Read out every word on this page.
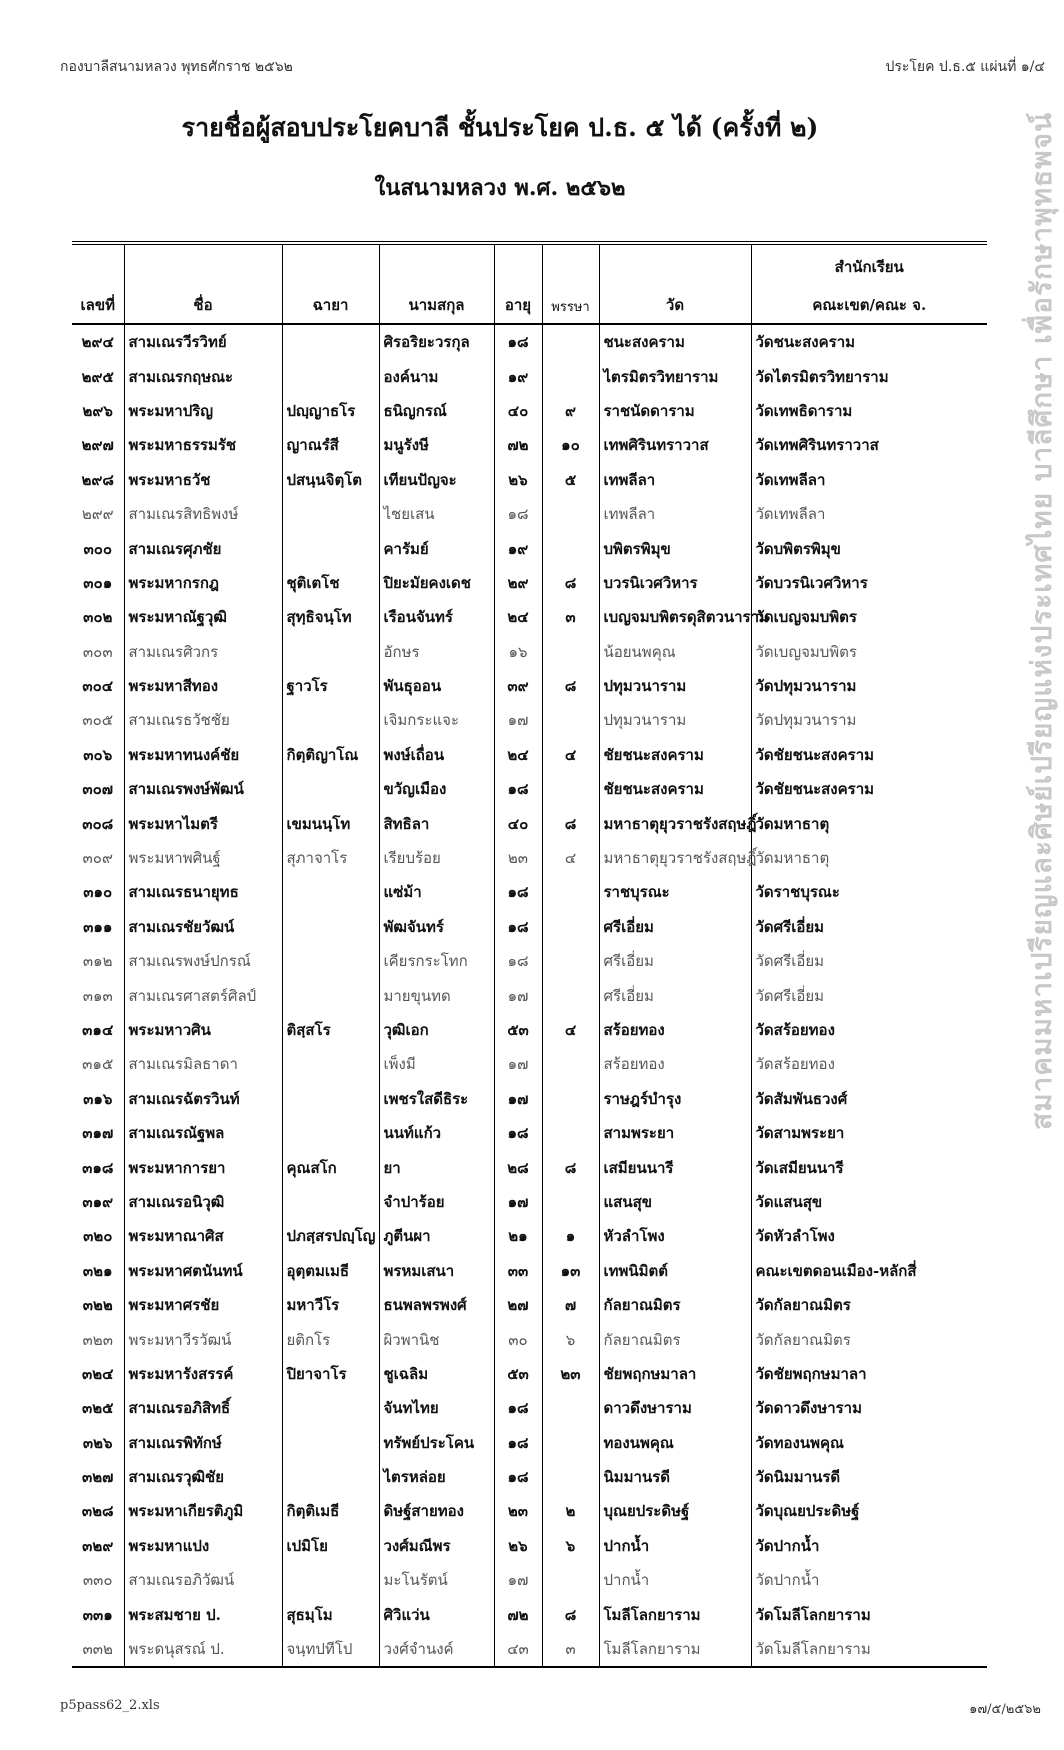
กองบาลีสนามหลวง พุทธศักราช ๒๕๖๒	ประโยค ป.ธ.๕ แผ่นที่ ๑/๔
รายชื่อผู้สอบประโยคบาลี ชั้นประโยค ป.ธ. ๕ ได้ (ครั้งที่ ๒)
ในสนามหลวง พ.ศ. ๒๕๖๒	สมาคมมหาเปรียญและศิษย์เปรียญแห่งประเทศไทย บาลีศึกษา เพื่อรักษาพุทธพจน์
เลขที่	ชื่อ	ฉายา	นามสกุล	อายุ	พรรษา	วัด	สำนักเรียน
คณะเขต/คณะ จ.

๒๙๔	สามเณรวีรวิทย์		ศิรอริยะวรกุล	๑๘		ชนะสงคราม	วัดชนะสงคราม
๒๙๕	สามเณรกฤษณะ		องค์นาม	๑๙		ไตรมิตรวิทยาราม	วัดไตรมิตรวิทยาราม
๒๙๖	พระมหาปริญ	ปญฺญาธโร	ธนิญกรณ์	๔๐	๙	ราชนัดดาราม	วัดเทพธิดาราม
๒๙๗	พระมหาธรรมรัช	ญาณรํสี	มนูรังษี	๗๒	๑๐	เทพศิรินทราวาส	วัดเทพศิรินทราวาส
๒๙๘	พระมหาธวัช	ปสนฺนจิตฺโต	เทียนปัญจะ	๒๖	๕	เทพลีลา	วัดเทพลีลา
๒๙๙	สามเณรสิทธิพงษ์		ไชยเสน	๑๘		เทพลีลา	วัดเทพลีลา
๓๐๐	สามเณรศุภชัย		คารัมย์	๑๙		บพิตรพิมุข	วัดบพิตรพิมุข
๓๐๑	พระมหากรกฎ	ชุติเตโช	ปิยะมัยคงเดช	๒๙	๘	บวรนิเวศวิหาร	วัดบวรนิเวศวิหาร
๓๐๒	พระมหาณัฐวุฒิ	สุทฺธิจนฺโท	เรือนจันทร์	๒๔	๓	เบญจมบพิตรดุสิตวนาราม	วัดเบญจมบพิตร
๓๐๓	สามเณรศิวกร		อักษร	๑๖		น้อยนพคุณ	วัดเบญจมบพิตร
๓๐๔	พระมหาสีทอง	ฐาวโร	พันธุออน	๓๙	๘	ปทุมวนาราม	วัดปทุมวนาราม
๓๐๕	สามเณรธวัชชัย		เจิมกระแจะ	๑๗		ปทุมวนาราม	วัดปทุมวนาราม
๓๐๖	พระมหาทนงค์ชัย	กิตฺติญาโณ	พงษ์เถื่อน	๒๔	๔	ชัยชนะสงคราม	วัดชัยชนะสงคราม
๓๐๗	สามเณรพงษ์พัฒน์		ขวัญเมือง	๑๘		ชัยชนะสงคราม	วัดชัยชนะสงคราม
๓๐๘	พระมหาไมตรี	เขมนนฺโท	สิทธิลา	๔๐	๘	มหาธาตุยุวราชรังสฤษฎิ์	วัดมหาธาตุ
๓๐๙	พระมหาพศินฐ์	สุภาจาโร	เรียบร้อย	๒๓	๔	มหาธาตุยุวราชรังสฤษฎิ์	วัดมหาธาตุ
๓๑๐	สามเณรธนายุทธ		แซ่ม้า	๑๘		ราชบุรณะ	วัดราชบุรณะ
๓๑๑	สามเณรชัยวัฒน์		พัฒจันทร์	๑๘		ศรีเอี่ยม	วัดศรีเอี่ยม
๓๑๒	สามเณรพงษ์ปกรณ์		เคียรกระโทก	๑๘		ศรีเอี่ยม	วัดศรีเอี่ยม
๓๑๓	สามเณรศาสตร์ศิลป์		มายขุนทด	๑๗		ศรีเอี่ยม	วัดศรีเอี่ยม
๓๑๔	พระมหาวศิน	ติสฺสโร	วุฒิเอก	๕๓	๔	สร้อยทอง	วัดสร้อยทอง
๓๑๕	สามเณรมิลธาดา		เพ็งมี	๑๗		สร้อยทอง	วัดสร้อยทอง
๓๑๖	สามเณรฉัตรวินท์		เพชรใสดีธิระ	๑๗		ราษฎร์บำรุง	วัดสัมพันธวงศ์
๓๑๗	สามเณรณัฐพล		นนท์แก้ว	๑๘		สามพระยา	วัดสามพระยา
๓๑๘	พระมหาการยา	คุณสโก	ยา	๒๘	๘	เสมียนนารี	วัดเสมียนนารี
๓๑๙	สามเณรอนิวุฒิ		จำปาร้อย	๑๗		แสนสุข	วัดแสนสุข
๓๒๐	พระมหาณาศิส	ปภสฺสรปญฺโญ	ภูตีนผา	๒๑	๑	หัวลำโพง	วัดหัวลำโพง
๓๒๑	พระมหาศตนันทน์	อุตฺตมเมธี	พรหมเสนา	๓๓	๑๓	เทพนิมิตต์	คณะเขตดอนเมือง-หลักสี่
๓๒๒	พระมหาศรชัย	มหาวีโร	ธนพลพรพงศ์	๒๗	๗	กัลยาณมิตร	วัดกัลยาณมิตร
๓๒๓	พระมหาวีรวัฒน์	ยติกโร	ผิวพานิช	๓๐	๖	กัลยาณมิตร	วัดกัลยาณมิตร
๓๒๔	พระมหารังสรรค์	ปิยาจาโร	ชูเฉลิม	๕๓	๒๓	ชัยพฤกษมาลา	วัดชัยพฤกษมาลา
๓๒๕	สามเณรอภิสิทธิ์		จันทไทย	๑๘		ดาวดึงษาราม	วัดดาวดึงษาราม
๓๒๖	สามเณรพิทักษ์		ทรัพย์ประโคน	๑๘		ทองนพคุณ	วัดทองนพคุณ
๓๒๗	สามเณรวุฒิชัย		ไตรหล่อย	๑๘		นิมมานรดี	วัดนิมมานรดี
๓๒๘	พระมหาเกียรติภูมิ	กิตฺติเมธี	ดิษฐ์สายทอง	๒๓	๒	บุณยประดิษฐ์	วัดบุณยประดิษฐ์
๓๒๙	พระมหาแปง	เปมิโย	วงศ์มณีพร	๒๖	๖	ปากน้ำ	วัดปากน้ำ
๓๓๐	สามเณรอภิวัฒน์		มะโนรัตน์	๑๗		ปากน้ำ	วัดปากน้ำ
๓๓๑	พระสมชาย ป.	สุธมฺโม	ศิวิแว่น	๗๒	๘	โมลีโลกยาราม	วัดโมลีโลกยาราม
๓๓๒	พระดนุสรณ์ ป.	จนฺทปทีโป	วงศ์จำนงค์	๔๓	๓	โมลีโลกยาราม	วัดโมลีโลกยาราม
p5pass62_2.xls	๑๗/๕/๒๕๖๒
